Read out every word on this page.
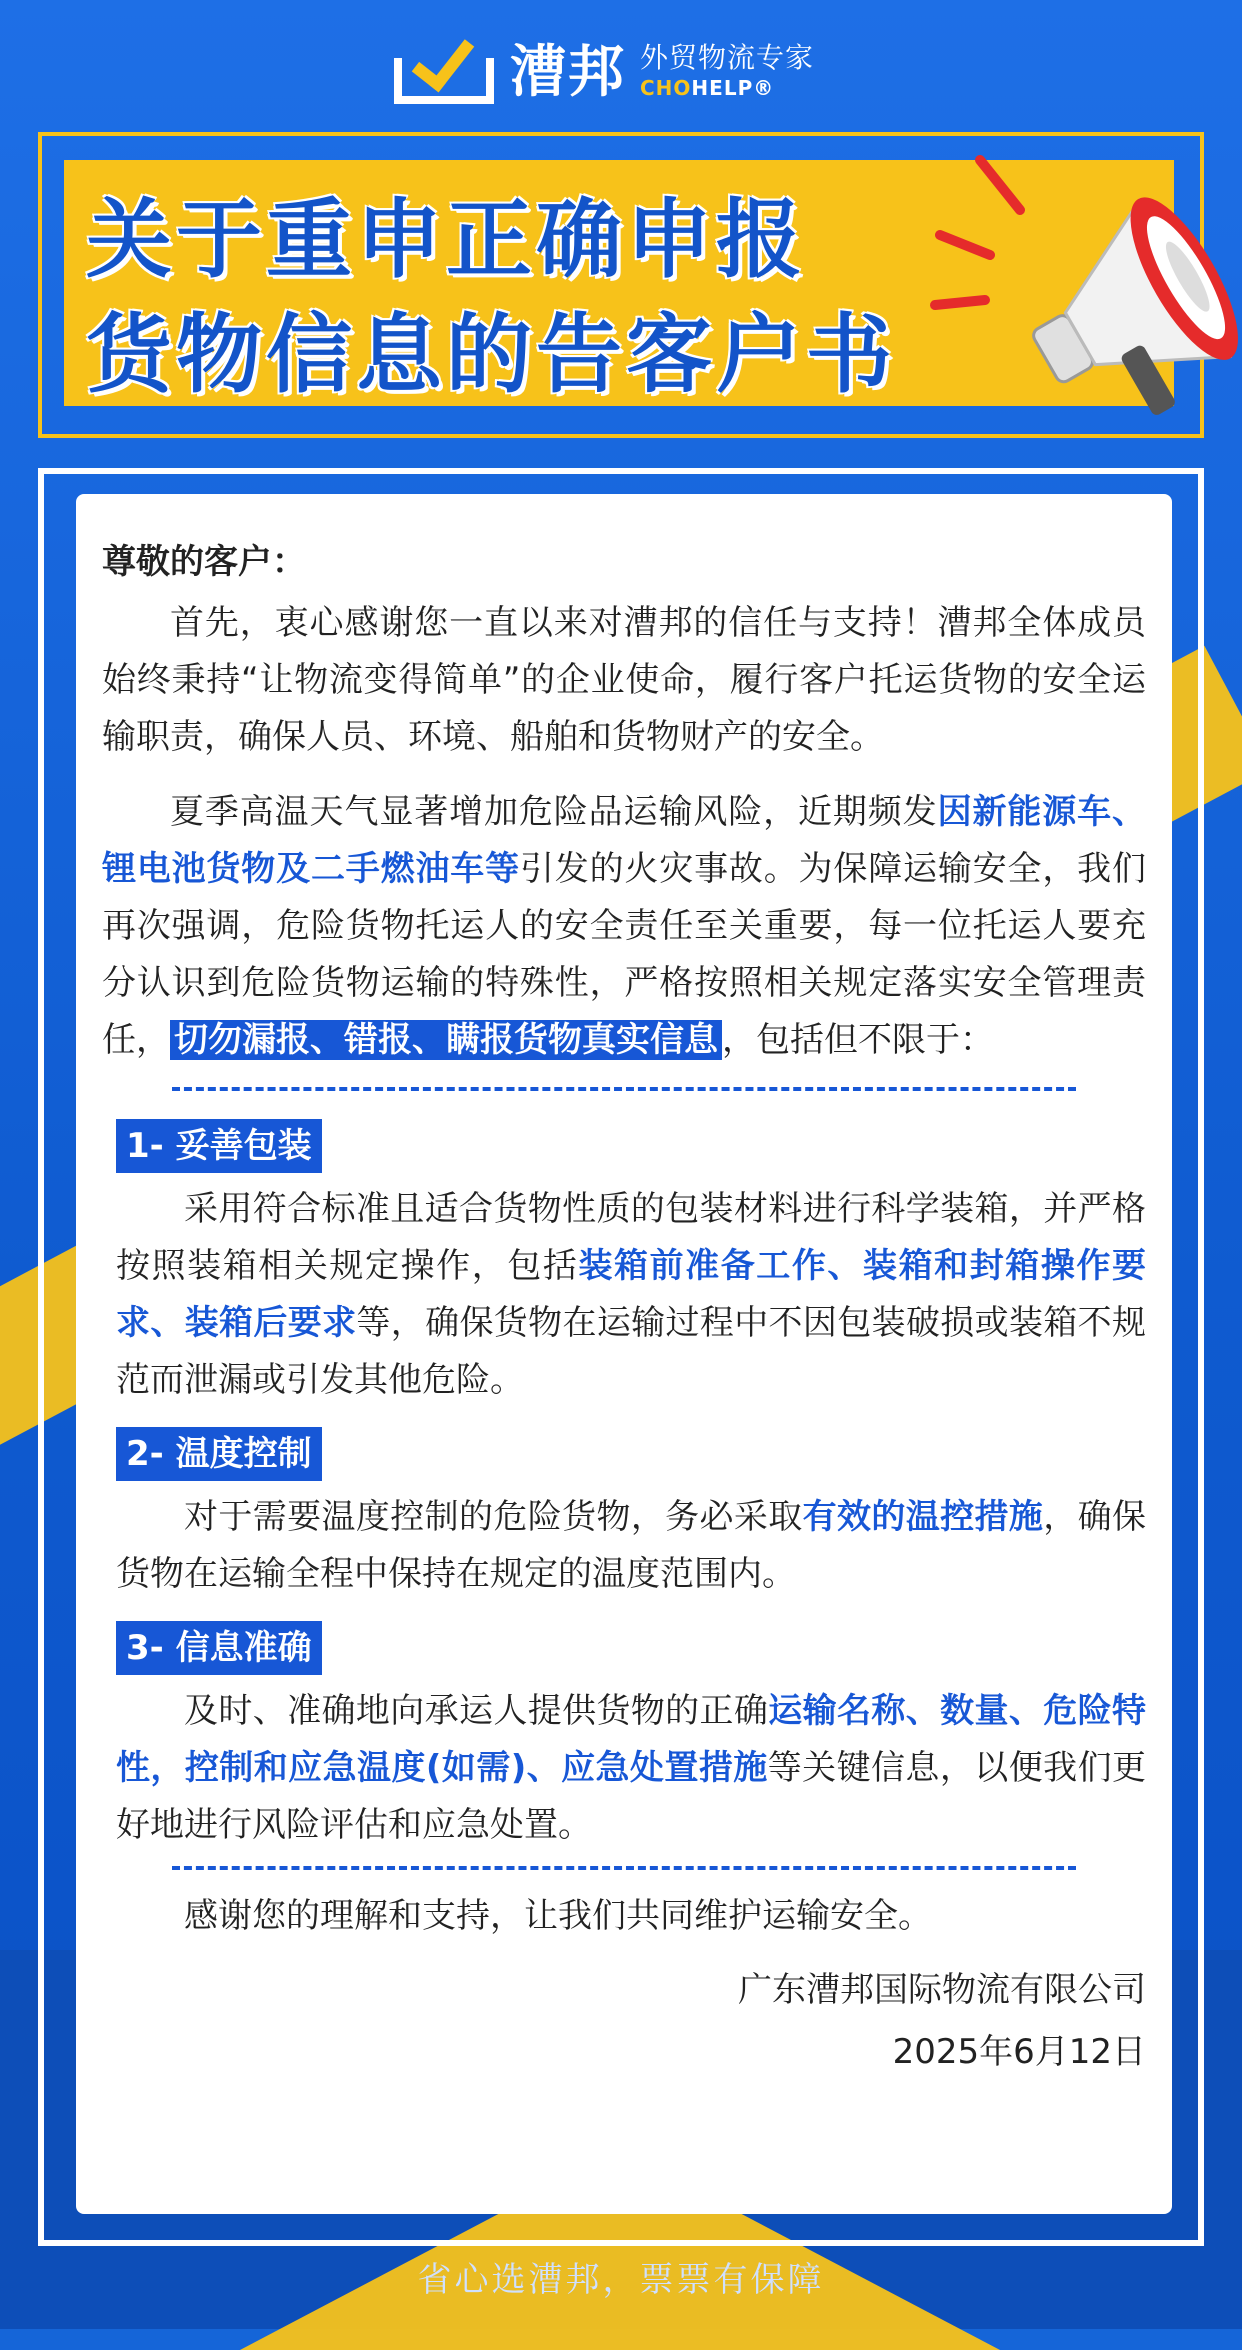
漕邦 外贸物流专家
CHOHELP®
关于重申正确申报
货物信息的告客户书
尊敬的客户：

首先，衷心感谢您一直以来对漕邦的信任与支持！漕邦全体成员始终秉持“让物流变得简单”的企业使命，履行客户托运货物的安全运输职责，确保人员、环境、船舶和货物财产的安全。

夏季高温天气显著增加危险品运输风险，近期频发因新能源车、锂电池货物及二手燃油车等引发的火灾事故。为保障运输安全，我们再次强调，危险货物托运人的安全责任至关重要，每一位托运人要充分认识到危险货物运输的特殊性，严格按照相关规定落实安全管理责任， 切勿漏报、错报、瞒报货物真实信息 ，包括但不限于：

1- 妥善包装

采用符合标准且适合货物性质的包装材料进行科学装箱，并严格按照装箱相关规定操作，包括装箱前准备工作、装箱和封箱操作要求、装箱后要求等，确保货物在运输过程中不因包装破损或装箱不规范而泄漏或引发其他危险。

2- 温度控制

对于需要温度控制的危险货物，务必采取有效的温控措施，确保货物在运输全程中保持在规定的温度范围内。

3- 信息准确

及时、准确地向承运人提供货物的正确运输名称、数量、危险特性，控制和应急温度(如需)、应急处置措施等关键信息，以便我们更好地进行风险评估和应急处置。

感谢您的理解和支持，让我们共同维护运输安全。

广东漕邦国际物流有限公司
2025年6月12日
省心选漕邦，票票有保障
